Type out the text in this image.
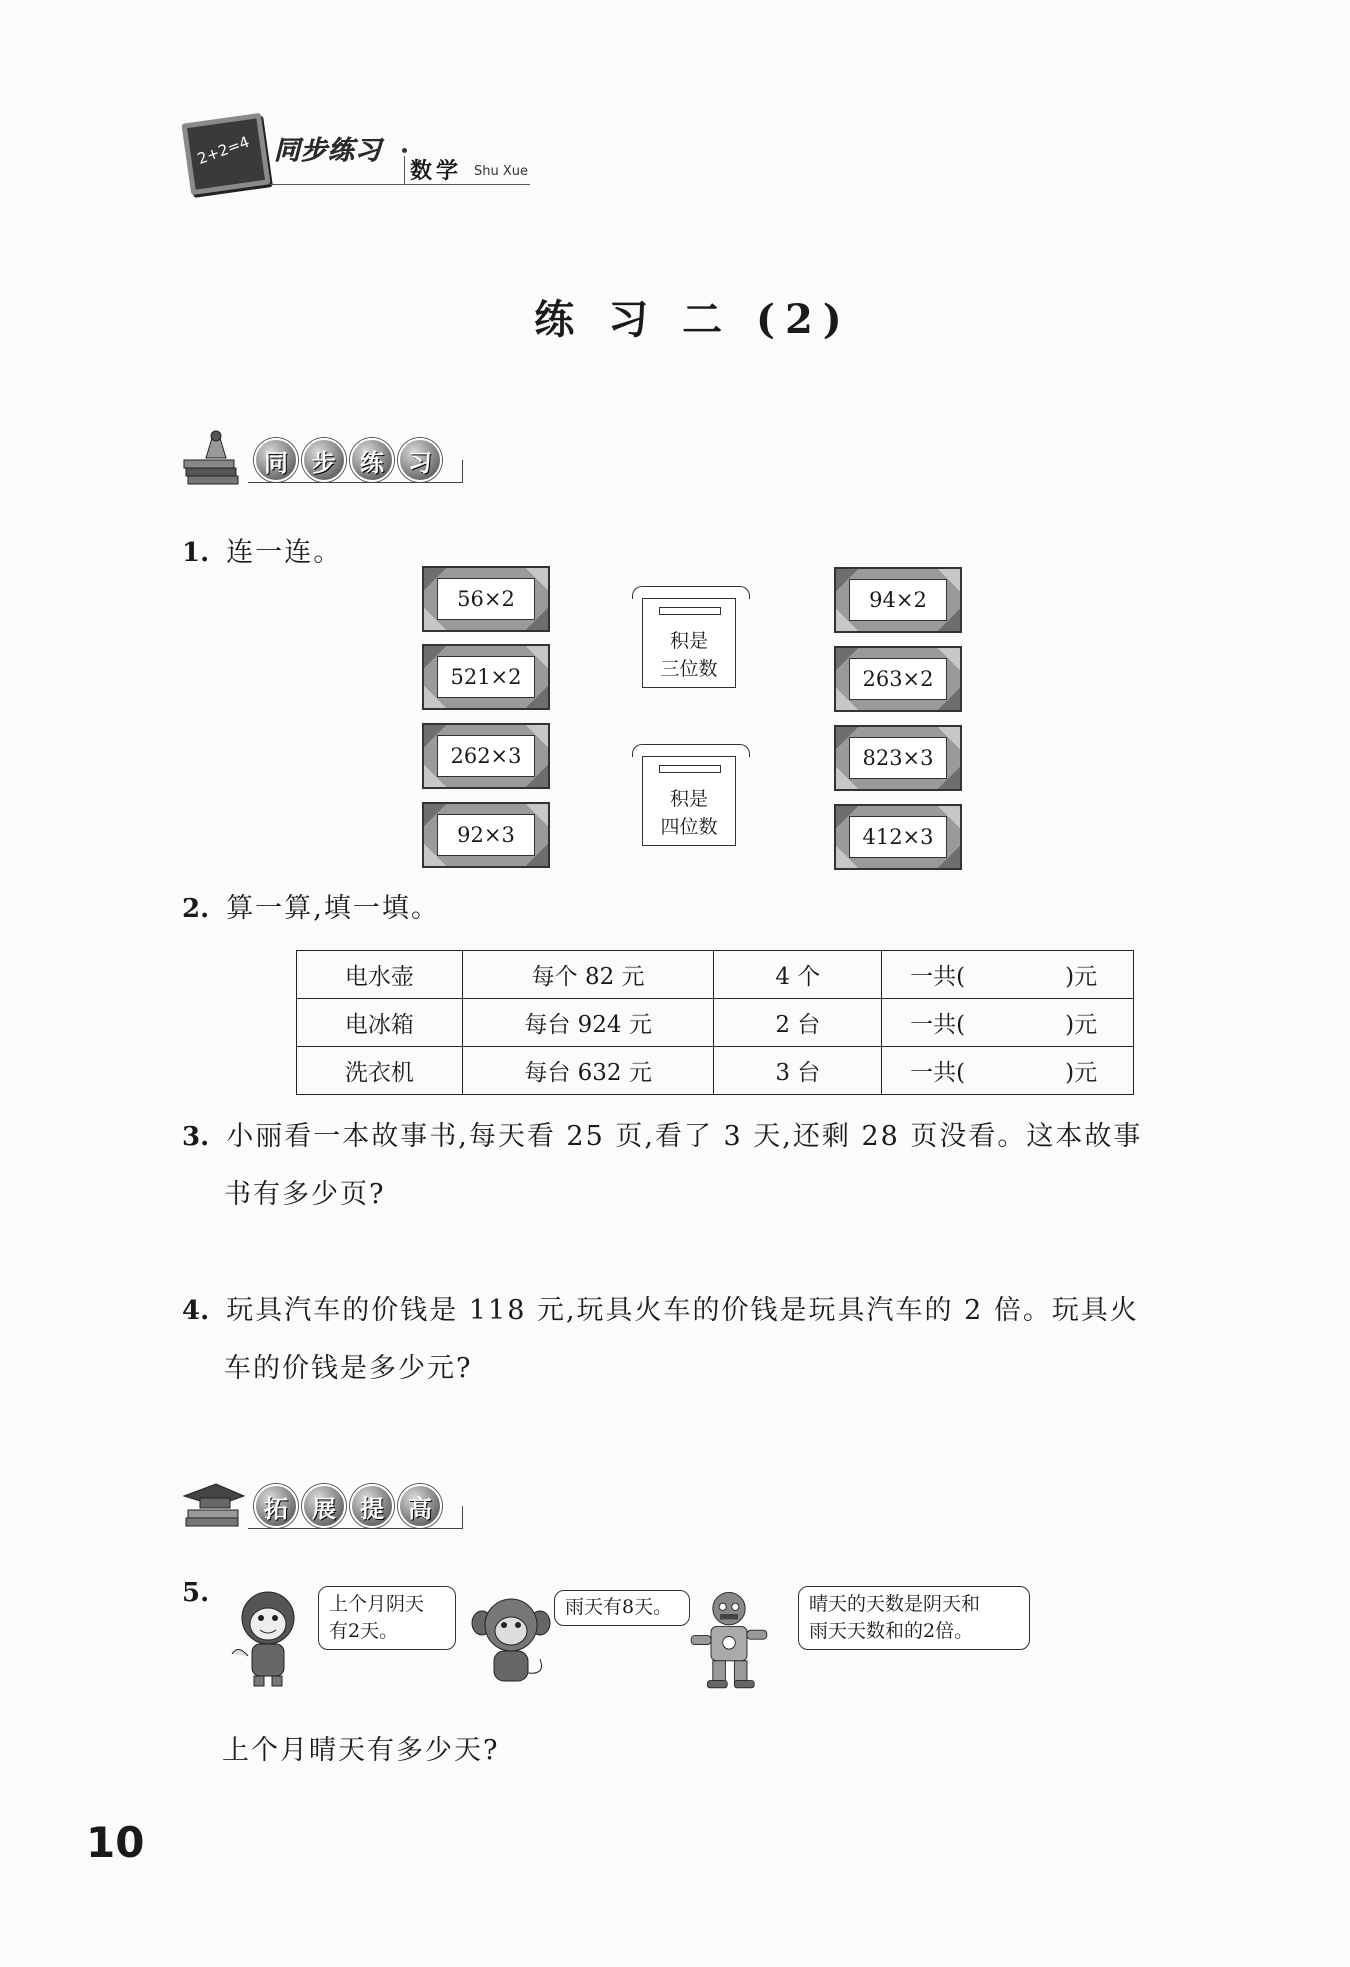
2+2=4 同步练习
数学 Shu Xue
练 习 二 (2)
同	步	练	习
1. 连一连。
56×2
521×2
262×3
92×3
积是
三位数
积是
四位数
94×2
263×2
823×3
412×3
2. 算一算,填一填。
电水壶	每个 82 元	4 个	一共( )元
电冰箱	每台 924 元	2 台	一共( )元
洗衣机	每台 632 元	3 台	一共( )元
3. 小丽看一本故事书,每天看 25 页,看了 3 天,还剩 28 页没看。这本故事
书有多少页?
4. 玩具汽车的价钱是 118 元,玩具火车的价钱是玩具汽车的 2 倍。玩具火
车的价钱是多少元?
拓	展	提	高
5.	上个月阴天
有2天。
雨天有8天。	晴天的天数是阴天和
雨天天数和的2倍。
上个月晴天有多少天?
10
